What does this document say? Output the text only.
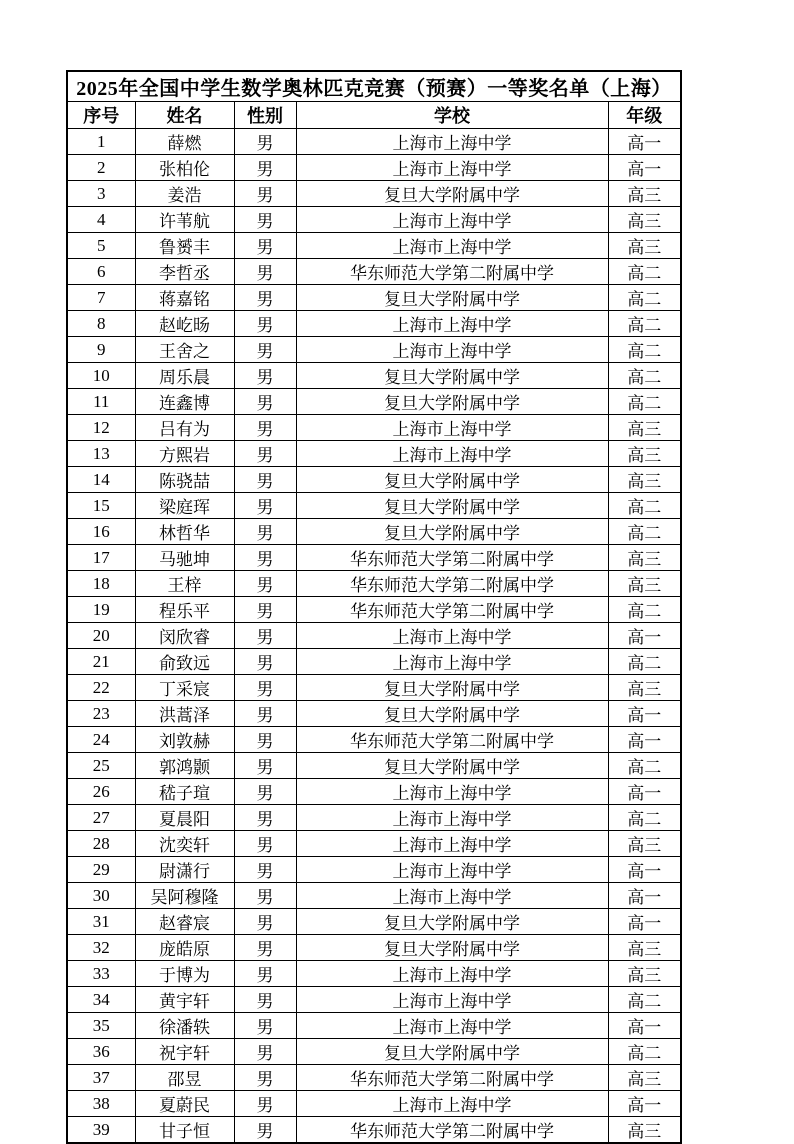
2025年全国中学生数学奥林匹克竞赛（预赛）一等奖名单（上海）				
序号	姓名	性别	学校	年级
1	薛燃	男	上海市上海中学	高一
2	张柏伦	男	上海市上海中学	高一
3	姜浩	男	复旦大学附属中学	高三
4	许苇航	男	上海市上海中学	高三
5	鲁赟丰	男	上海市上海中学	高三
6	李哲丞	男	华东师范大学第二附属中学	高二
7	蒋嘉铭	男	复旦大学附属中学	高二
8	赵屹旸	男	上海市上海中学	高二
9	王舍之	男	上海市上海中学	高二
10	周乐晨	男	复旦大学附属中学	高二
11	连鑫博	男	复旦大学附属中学	高二
12	吕有为	男	上海市上海中学	高三
13	方熙岩	男	上海市上海中学	高三
14	陈骁喆	男	复旦大学附属中学	高三
15	梁庭珲	男	复旦大学附属中学	高二
16	林哲华	男	复旦大学附属中学	高二
17	马驰坤	男	华东师范大学第二附属中学	高三
18	王梓	男	华东师范大学第二附属中学	高三
19	程乐平	男	华东师范大学第二附属中学	高二
20	闵欣睿	男	上海市上海中学	高一
21	俞致远	男	上海市上海中学	高二
22	丁采宸	男	复旦大学附属中学	高三
23	洪蒿泽	男	复旦大学附属中学	高一
24	刘敦赫	男	华东师范大学第二附属中学	高一
25	郭鸿颢	男	复旦大学附属中学	高二
26	嵇子瑄	男	上海市上海中学	高一
27	夏晨阳	男	上海市上海中学	高二
28	沈奕轩	男	上海市上海中学	高三
29	尉潇行	男	上海市上海中学	高一
30	吴阿穆隆	男	上海市上海中学	高一
31	赵睿宸	男	复旦大学附属中学	高一
32	庞皓原	男	复旦大学附属中学	高三
33	于博为	男	上海市上海中学	高三
34	黄宇轩	男	上海市上海中学	高二
35	徐潘轶	男	上海市上海中学	高一
36	祝宇轩	男	复旦大学附属中学	高二
37	邵昱	男	华东师范大学第二附属中学	高三
38	夏蔚民	男	上海市上海中学	高一
39	甘子恒	男	华东师范大学第二附属中学	高三
